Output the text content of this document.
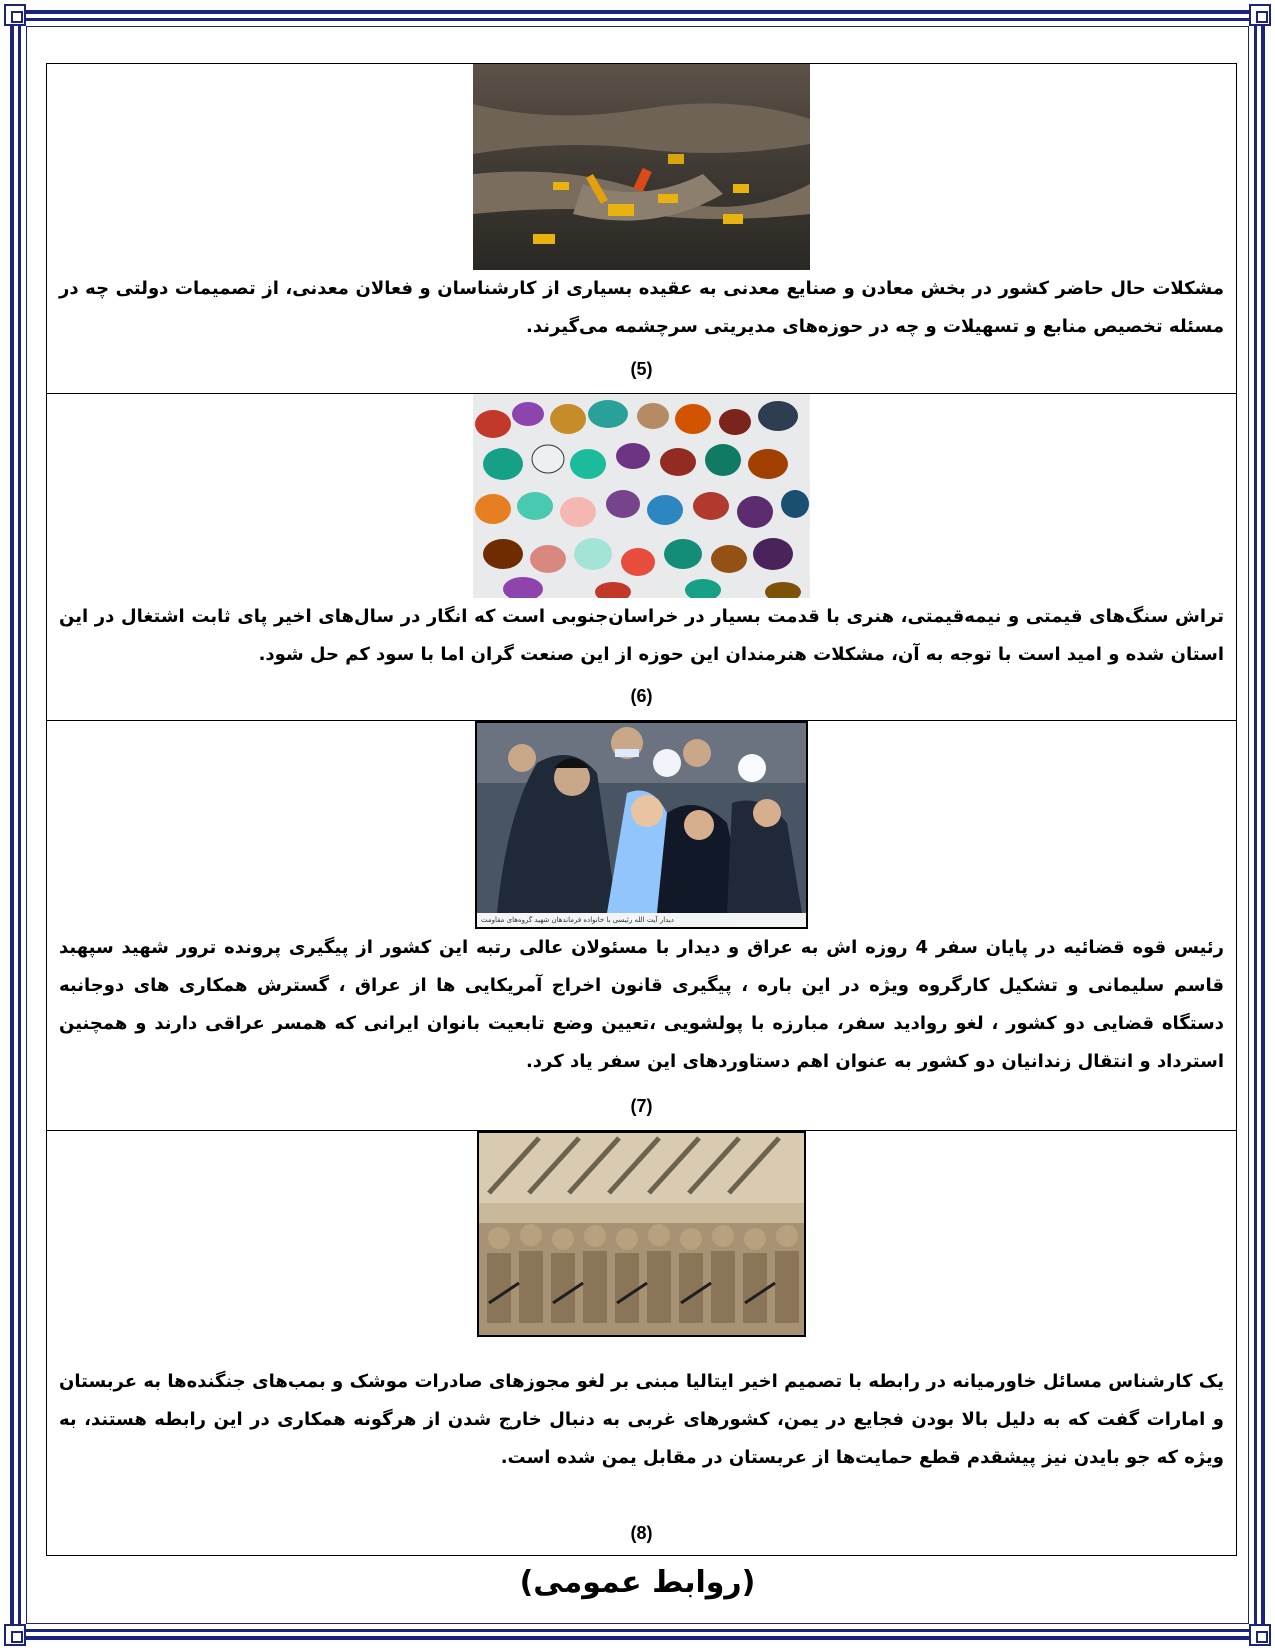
مشکلات حال حاضر کشور در بخش معادن و صنایع معدنی به عقیده بسیاری از کارشناسان و فعالان معدنی، از تصمیمات دولتی چه در مسئله تخصیص منابع و تسهیلات و چه در حوزه‌های مدیریتی سرچشمه می‌گیرند.

(5)

تراش سنگ‌های قیمتی و نیمه‌قیمتی، هنری با قدمت بسیار در خراسان‌جنوبی است که انگار در سال‌های اخیر پای ثابت اشتغال در این استان شده و امید است با توجه به آن، مشکلات هنرمندان این حوزه از این صنعت گران اما با سود کم حل شود.

(6)
دیدار آیت الله رئیسی با خانواده فرماندهان شهید گروه‌های مقاومت

رئیس قوه قضائیه در پایان سفر 4 روزه اش به عراق و دیدار با مسئولان عالی رتبه این کشور از پیگیری پرونده ترور شهید سپهبد قاسم سلیمانی و تشکیل کارگروه ویژه در این باره ، پیگیری قانون اخراج آمریکایی ها از عراق ، گسترش همکاری های دوجانبه دستگاه قضایی دو کشور ، لغو روادید سفر، مبارزه با پولشویی ،تعیین وضع تابعیت بانوان ایرانی که همسر عراقی دارند و همچنین استرداد و انتقال زندانیان دو کشور به عنوان اهم دستاوردهای این سفر یاد کرد.

(7)

یک کارشناس مسائل خاورمیانه در رابطه با تصمیم اخیر ایتالیا مبنی بر لغو مجوزهای صادرات موشک و بمب‌های جنگنده‌ها به عربستان و امارات گفت که به دلیل بالا بودن فجایع در یمن، کشورهای غربی به دنبال خارج شدن از هرگونه همکاری در این رابطه هستند، به ویژه که جو بایدن نیز پیشقدم قطع حمایت‌ها از عربستان در مقابل یمن شده است.

(8)
(روابط عمومی)
